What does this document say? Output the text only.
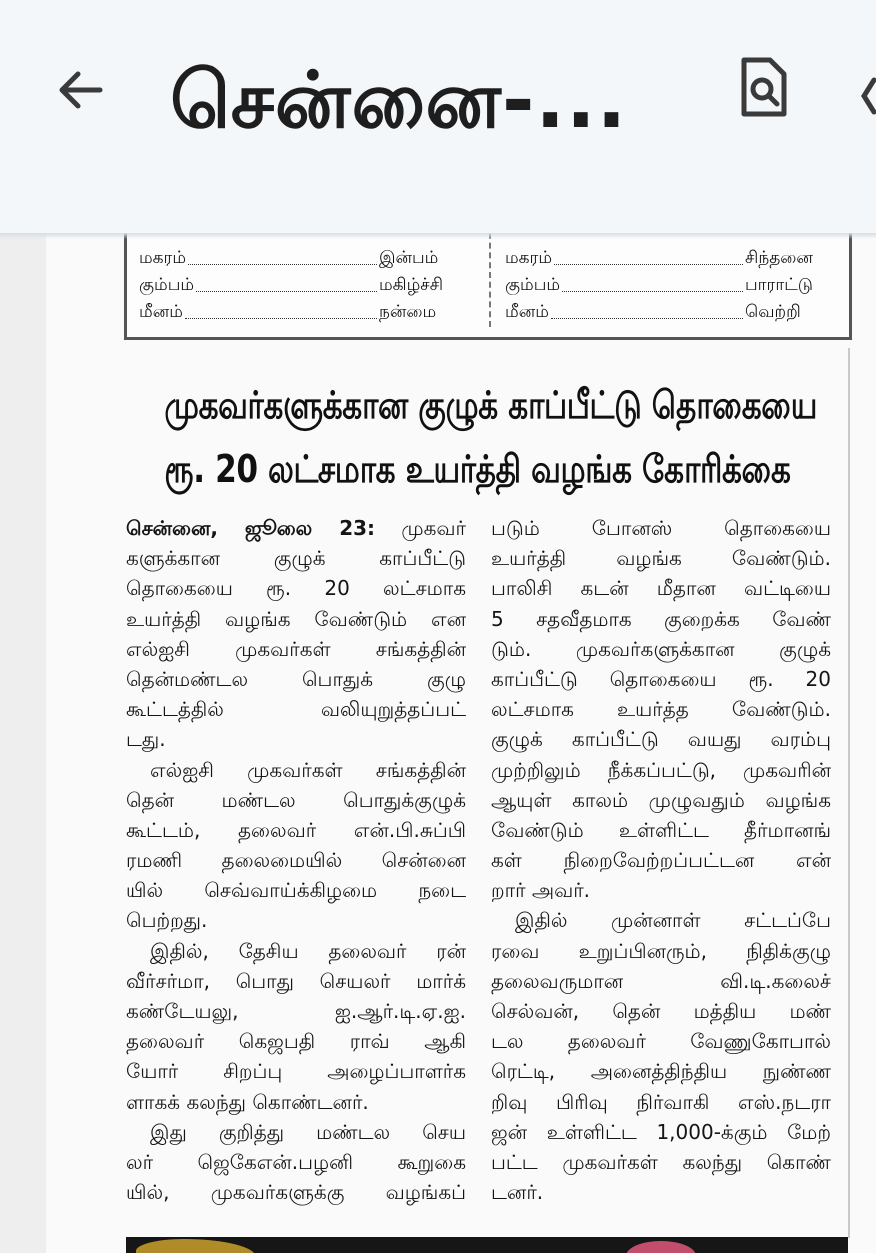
சென்னை-...

மகரம்	இன்பம்
கும்பம்	மகிழ்ச்சி
மீனம்	நன்மை

மகரம்	சிந்தனை
கும்பம்	பாராட்டு
மீனம்	வெற்றி
முகவர்களுக்கான குழுக் காப்பீட்டு தொகையை
ரூ. 20 லட்சமாக உயர்த்தி வழங்க கோரிக்கை
சென்னை, ஜூலை 23: முகவர்
களுக்கான குழுக் காப்பீட்டு
தொகையை ரூ. 20 லட்சமாக
உயர்த்தி வழங்க வேண்டும் என
எல்ஐசி முகவர்கள் சங்கத்தின்
தென்மண்டல பொதுக் குழு
கூட்டத்தில் வலியுறுத்தப்பட்
டது.
எல்ஐசி முகவர்கள் சங்கத்தின்
தென் மண்டல பொதுக்குழுக்
கூட்டம், தலைவர் என்.பி.சுப்பி
ரமணி தலைமையில் சென்னை
யில் செவ்வாய்க்கிழமை நடை
பெற்றது.
இதில், தேசிய தலைவர் ரன்
வீர்சர்மா, பொது செயலர் மார்க்
கண்டேயலு, ஐ.ஆர்.டி.ஏ.ஐ.
தலைவர் கெஜபதி ராவ் ஆகி
யோர் சிறப்பு அழைப்பாளர்க
ளாகக் கலந்து கொண்டனர்.
இது குறித்து மண்டல செய
லர் ஜெகேஎன்.பழனி கூறுகை
யில், முகவர்களுக்கு வழங்கப்
படும் போனஸ் தொகையை
உயர்த்தி வழங்க வேண்டும்.
பாலிசி கடன் மீதான வட்டியை
5 சதவீதமாக குறைக்க வேண்
டும். முகவர்களுக்கான குழுக்
காப்பீட்டு தொகையை ரூ. 20
லட்சமாக உயர்த்த வேண்டும்.
குழுக் காப்பீட்டு வயது வரம்பு
முற்றிலும் நீக்கப்பட்டு, முகவரின்
ஆயுள் காலம் முழுவதும் வழங்க
வேண்டும் உள்ளிட்ட தீர்மானங்
கள் நிறைவேற்றப்பட்டன என்
றார் அவர்.
இதில் முன்னாள் சட்டப்பே
ரவை உறுப்பினரும், நிதிக்குழு
தலைவருமான வி.டி.கலைச்
செல்வன், தென் மத்திய மண்
டல தலைவர் வேணுகோபால்
ரெட்டி, அனைத்திந்திய நுண்ண
றிவு பிரிவு நிர்வாகி எஸ்.நடரா
ஜன் உள்ளிட்ட 1,000-க்கும் மேற்
பட்ட முகவர்கள் கலந்து கொண்
டனர்.
